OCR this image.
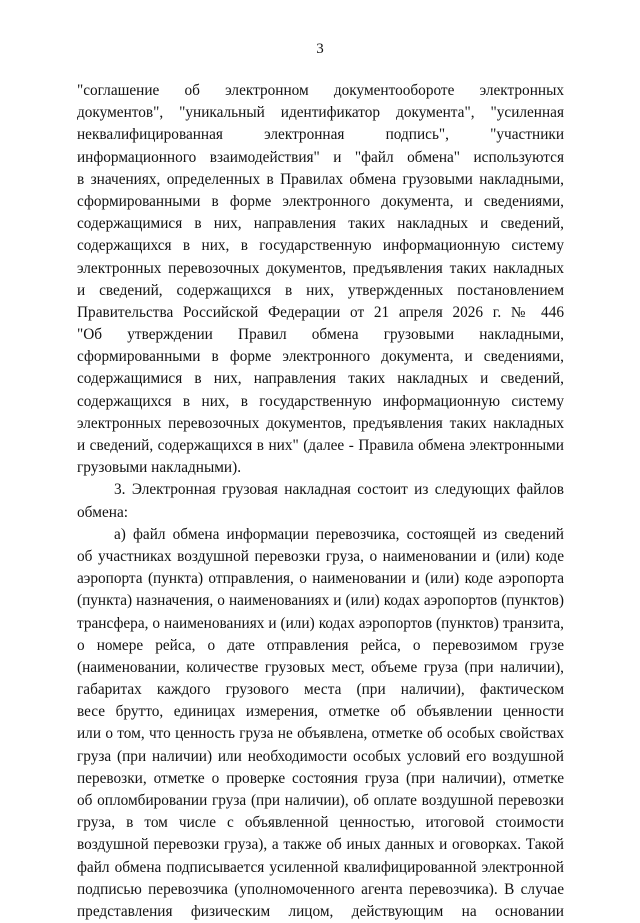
3
"соглашение об электронном документообороте электронных
документов", "уникальный идентификатор документа", "усиленная
неквалифицированная электронная подпись", "участники
информационного взаимодействия" и "файл обмена" используются
в значениях, определенных в Правилах обмена грузовыми накладными,
сформированными в форме электронного документа, и сведениями,
содержащимися в них, направления таких накладных и сведений,
содержащихся в них, в государственную информационную систему
электронных перевозочных документов, предъявления таких накладных
и сведений, содержащихся в них, утвержденных постановлением
Правительства Российской Федерации от 21 апреля 2026 г. № 446
"Об утверждении Правил обмена грузовыми накладными,
сформированными в форме электронного документа, и сведениями,
содержащимися в них, направления таких накладных и сведений,
содержащихся в них, в государственную информационную систему
электронных перевозочных документов, предъявления таких накладных
и сведений, содержащихся в них" (далее - Правила обмена электронными
грузовыми накладными).
3. Электронная грузовая накладная состоит из следующих файлов
обмена:
а) файл обмена информации перевозчика, состоящей из сведений
об участниках воздушной перевозки груза, о наименовании и (или) коде
аэропорта (пункта) отправления, о наименовании и (или) коде аэропорта
(пункта) назначения, о наименованиях и (или) кодах аэропортов (пунктов)
трансфера, о наименованиях и (или) кодах аэропортов (пунктов) транзита,
о номере рейса, о дате отправления рейса, о перевозимом грузе
(наименовании, количестве грузовых мест, объеме груза (при наличии),
габаритах каждого грузового места (при наличии), фактическом
весе брутто, единицах измерения, отметке об объявлении ценности
или о том, что ценность груза не объявлена, отметке об особых свойствах
груза (при наличии) или необходимости особых условий его воздушной
перевозки, отметке о проверке состояния груза (при наличии), отметке
об опломбировании груза (при наличии), об оплате воздушной перевозки
груза, в том числе с объявленной ценностью, итоговой стоимости
воздушной перевозки груза), а также об иных данных и оговорках. Такой
файл обмена подписывается усиленной квалифицированной электронной
подписью перевозчика (уполномоченного агента перевозчика). В случае
представления физическим лицом, действующим на основании
